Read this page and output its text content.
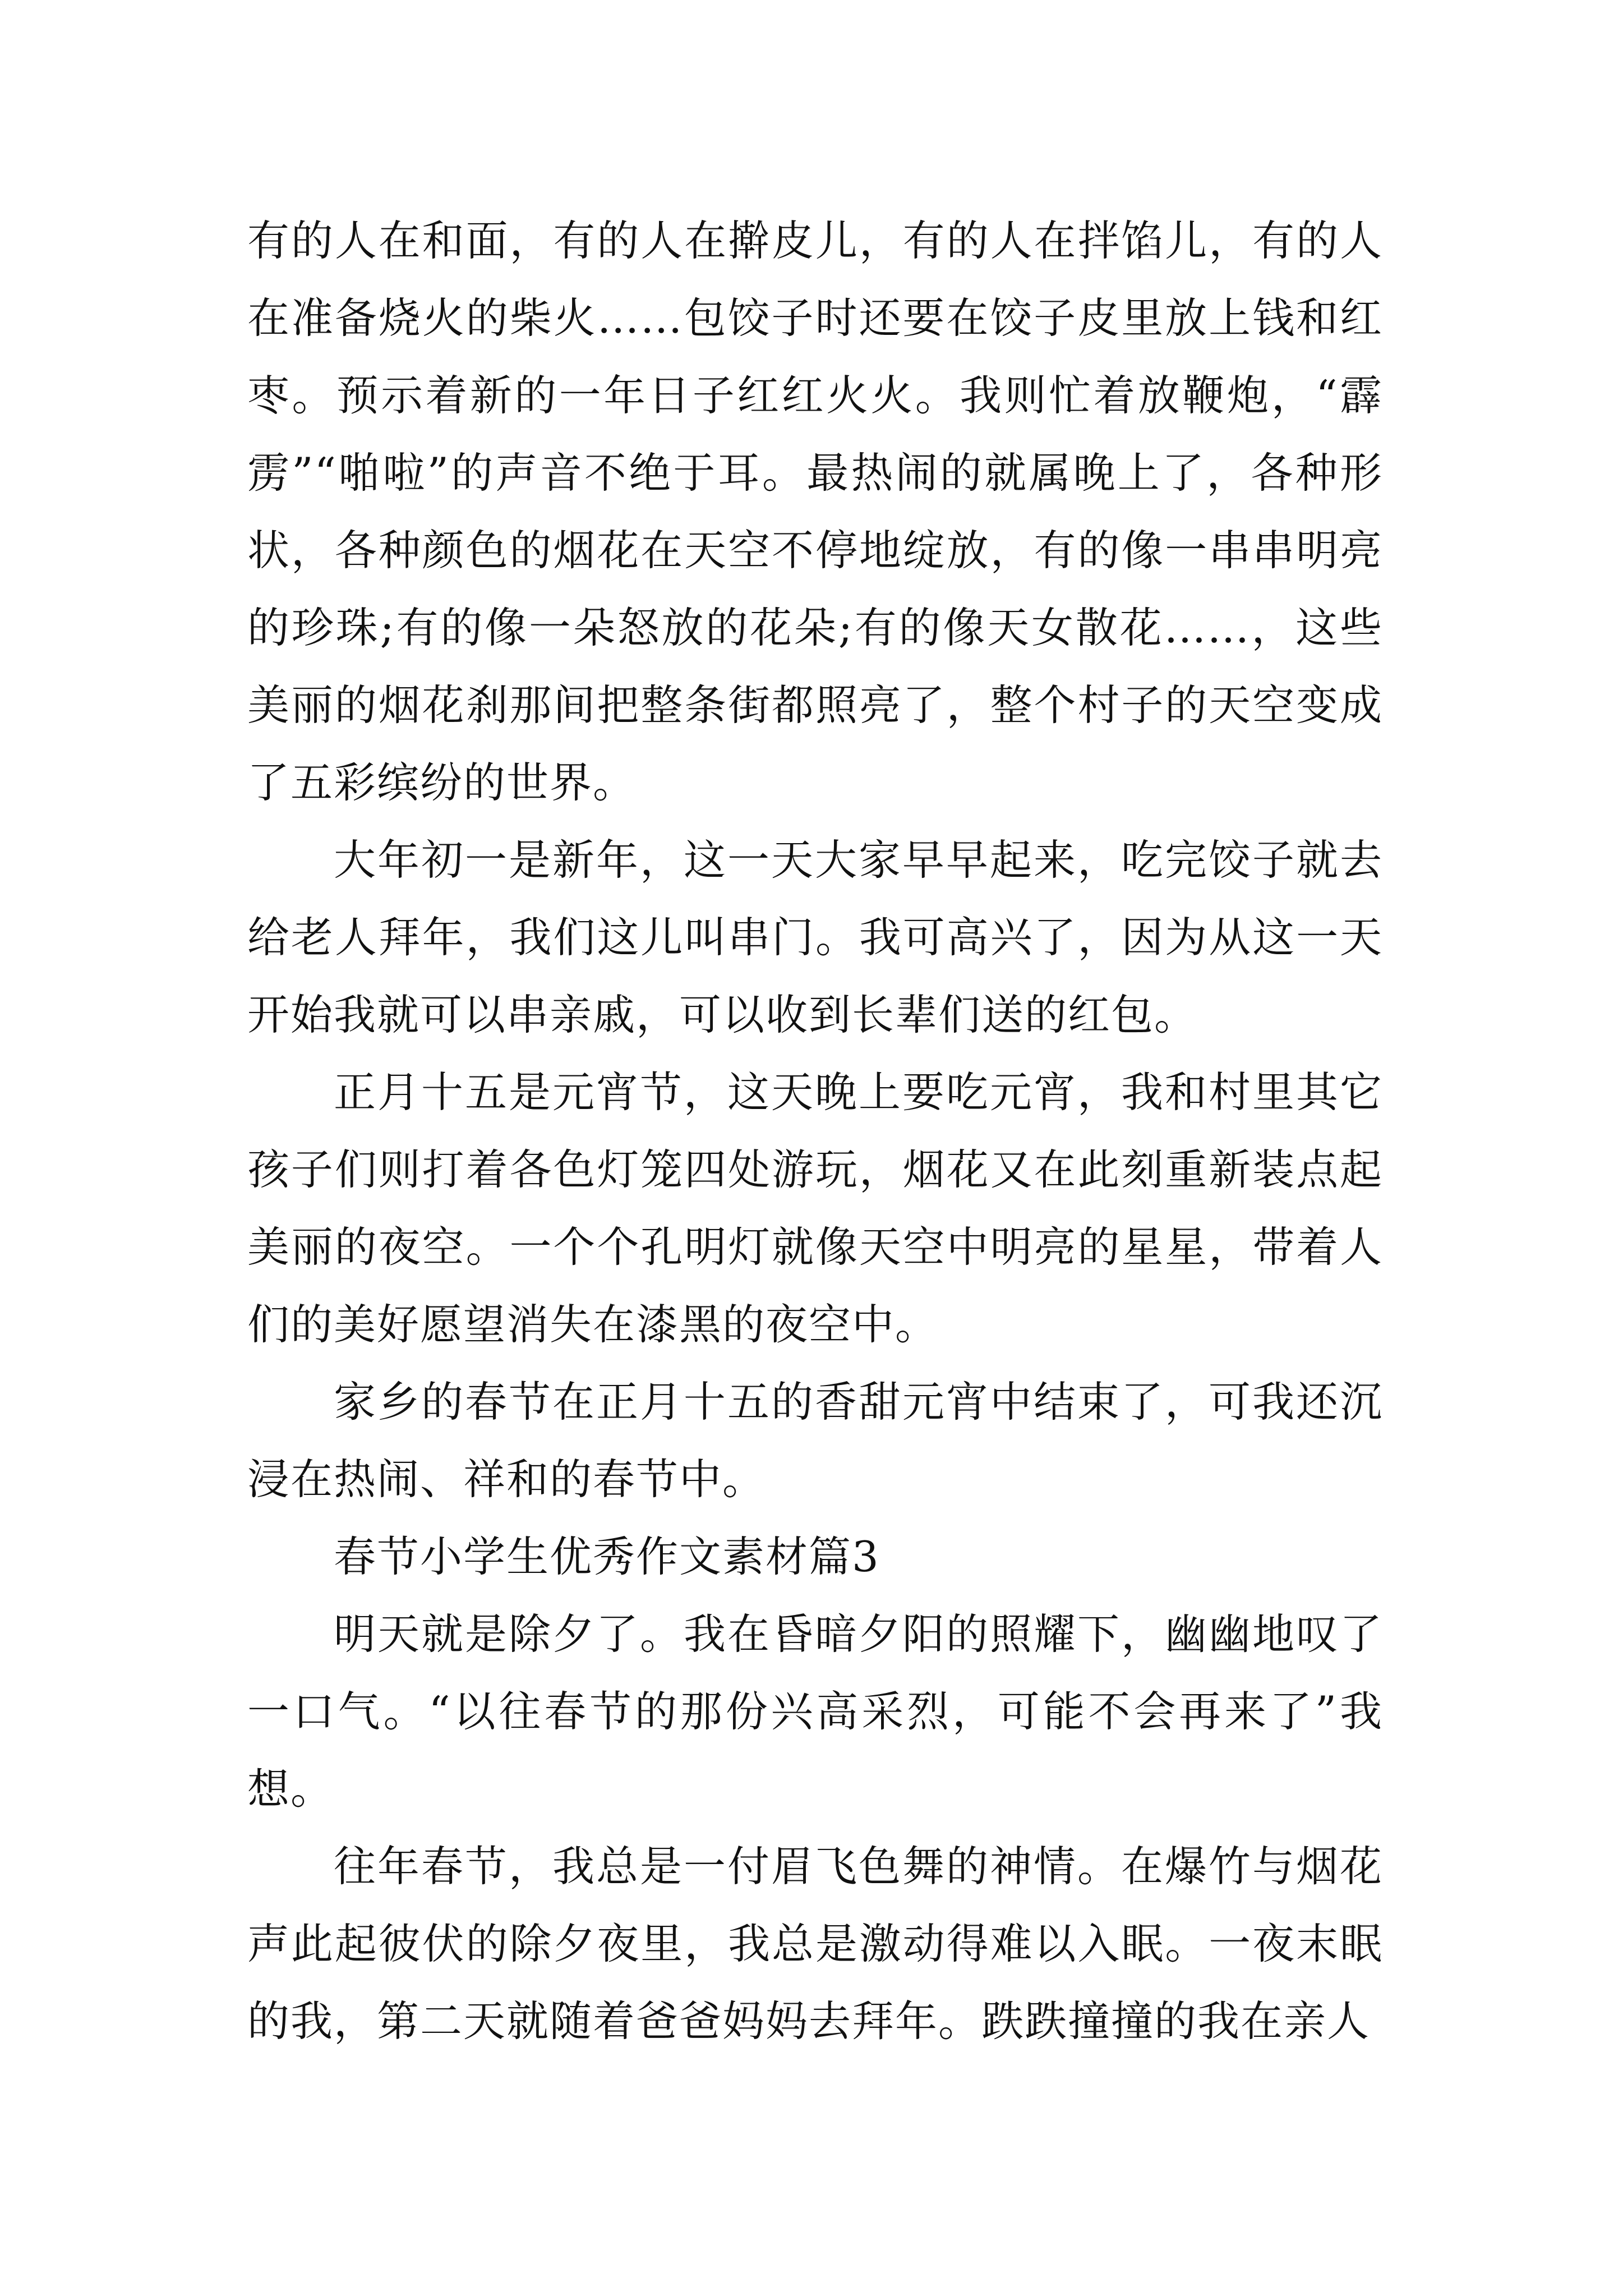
有的人在和面，有的人在擀皮儿，有的人在拌馅儿，有的人在准备烧火的柴火……包饺子时还要在饺子皮里放上钱和红枣。预示着新的一年日子红红火火。我则忙着放鞭炮，“霹雳”“啪啦”的声音不绝于耳。最热闹的就属晚上了，各种形状，各种颜色的烟花在天空不停地绽放，有的像一串串明亮的珍珠;有的像一朵怒放的花朵;有的像天女散花……，这些美丽的烟花刹那间把整条街都照亮了，整个村子的天空变成了五彩缤纷的世界。

大年初一是新年，这一天大家早早起来，吃完饺子就去给老人拜年，我们这儿叫串门。我可高兴了，因为从这一天开始我就可以串亲戚，可以收到长辈们送的红包。

正月十五是元宵节，这天晚上要吃元宵，我和村里其它孩子们则打着各色灯笼四处游玩，烟花又在此刻重新装点起美丽的夜空。一个个孔明灯就像天空中明亮的星星，带着人们的美好愿望消失在漆黑的夜空中。

家乡的春节在正月十五的香甜元宵中结束了，可我还沉浸在热闹、祥和的春节中。

春节小学生优秀作文素材篇3

明天就是除夕了。我在昏暗夕阳的照耀下，幽幽地叹了一口气。“以往春节的那份兴高采烈，可能不会再来了”我想。

往年春节，我总是一付眉飞色舞的神情。在爆竹与烟花声此起彼伏的除夕夜里，我总是激动得难以入眠。一夜末眠的我，第二天就随着爸爸妈妈去拜年。跌跌撞撞的我在亲人
